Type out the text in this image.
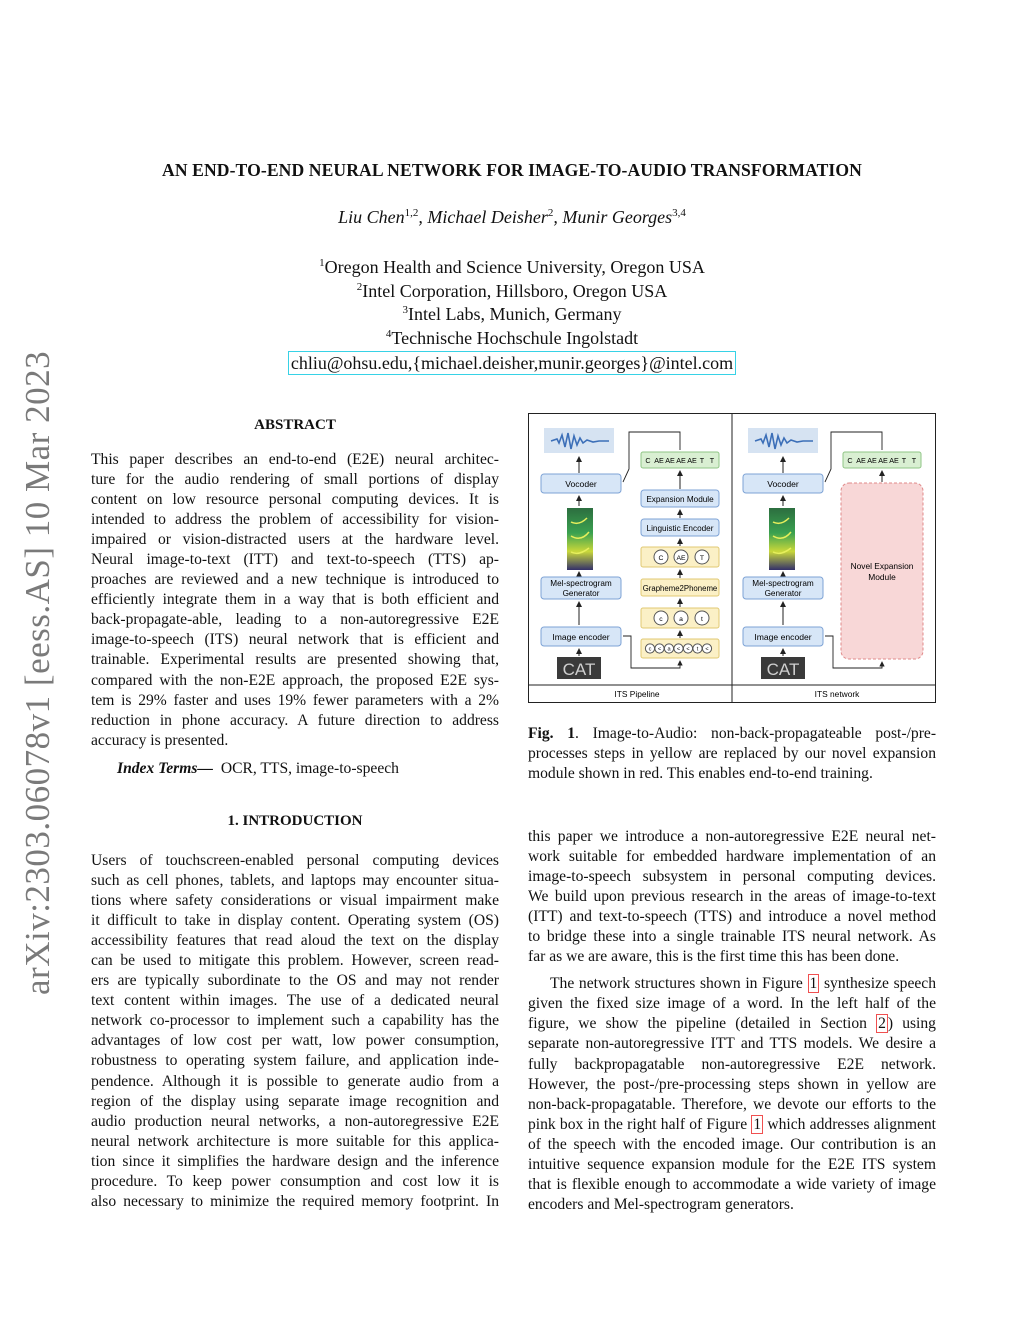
arXiv:2303.06078v1 [eess.AS] 10 Mar 2023
AN END-TO-END NEURAL NETWORK FOR IMAGE-TO-AUDIO TRANSFORMATION
Liu Chen$^{1,2}$, Michael Deisher$^2$, Munir Georges$^{3,4}$
$^1$Oregon Health and Science University, Oregon USA
$^2$Intel Corporation, Hillsboro, Oregon USA
$^3$Intel Labs, Munich, Germany
$^4$Technische Hochschule Ingolstadt
chliu@ohsu.edu,{michael.deisher,munir.georges}@intel.com
ABSTRACT
This paper describes an end-to-end (E2E) neural architec-
ture for the audio rendering of small portions of display
content on low resource personal computing devices. It is
intended to address the problem of accessibility for vision-
impaired or vision-distracted users at the hardware level.
Neural image-to-text (ITT) and text-to-speech (TTS) ap-
proaches are reviewed and a new technique is introduced to
efficiently integrate them in a way that is both efficient and
back-propagate-able, leading to a non-autoregressive E2E
image-to-speech (ITS) neural network that is efficient and
trainable. Experimental results are presented showing that,
compared with the non-E2E approach, the proposed E2E sys-
tem is 29% faster and uses 19% fewer parameters with a 2%
reduction in phone accuracy. A future direction to address
accuracy is presented.
Index Terms— OCR, TTS, image-to-speech
1. INTRODUCTION
Users of touchscreen-enabled personal computing devices
such as cell phones, tablets, and laptops may encounter situa-
tions where safety considerations or visual impairment make
it difficult to take in display content. Operating system (OS)
accessibility features that read aloud the text on the display
can be used to mitigate this problem. However, screen read-
ers are typically subordinate to the OS and may not render
text content within images. The use of a dedicated neural
network co-processor to implement such a capability has the
advantages of low cost per watt, low power consumption,
robustness to operating system failure, and application inde-
pendence. Although it is possible to generate audio from a
region of the display using separate image recognition and
audio production neural networks, a non-autoregressive E2E
neural network architecture is more suitable for this applica-
tion since it simplifies the hardware design and the inference
procedure. To keep power consumption and cost low it is
also necessary to minimize the required memory footprint. In
Vocoder
Mel-spectrogram
Generator
Image encoder
CAT
C AE AE AE AE T T
Expansion Module
Linguistic Encoder
C AE T
Grapheme2Phoneme
c a	t
c < a < < t <
ITS Pipeline
Vocoder
Mel-spectrogram
Generator
Image encoder
CAT
C AE AE AE AE T T
Novel Expansion
Module
ITS network
Fig. 1. Image-to-Audio: non-back-propagateable post-/pre-
processes steps in yellow are replaced by our novel expansion
module shown in red. This enables end-to-end training.
this paper we introduce a non-autoregressive E2E neural net-
work suitable for embedded hardware implementation of an
image-to-speech subsystem in personal computing devices.
We build upon previous research in the areas of image-to-text
(ITT) and text-to-speech (TTS) and introduce a novel method
to bridge these into a single trainable ITS neural network. As
far as we are aware, this is the first time this has been done.
The network structures shown in Figure 1 synthesize speech given the fixed size image of a word. In the left half of the figure, we show the pipeline (detailed in Section 2 ) using separate non-autoregressive ITT and TTS models. We desire a fully backpropagatable non-autoregressive E2E network. However, the post-/pre-processing steps shown in yellow are non-back-propagatable. Therefore, we devote our efforts to the pink box in the right half of Figure 1 which addresses alignment of the speech with the encoded image. Our contribution is an intuitive sequence expansion module for the E2E ITS system that is flexible enough to accommodate a wide variety of image encoders and Mel-spectrogram generators.
